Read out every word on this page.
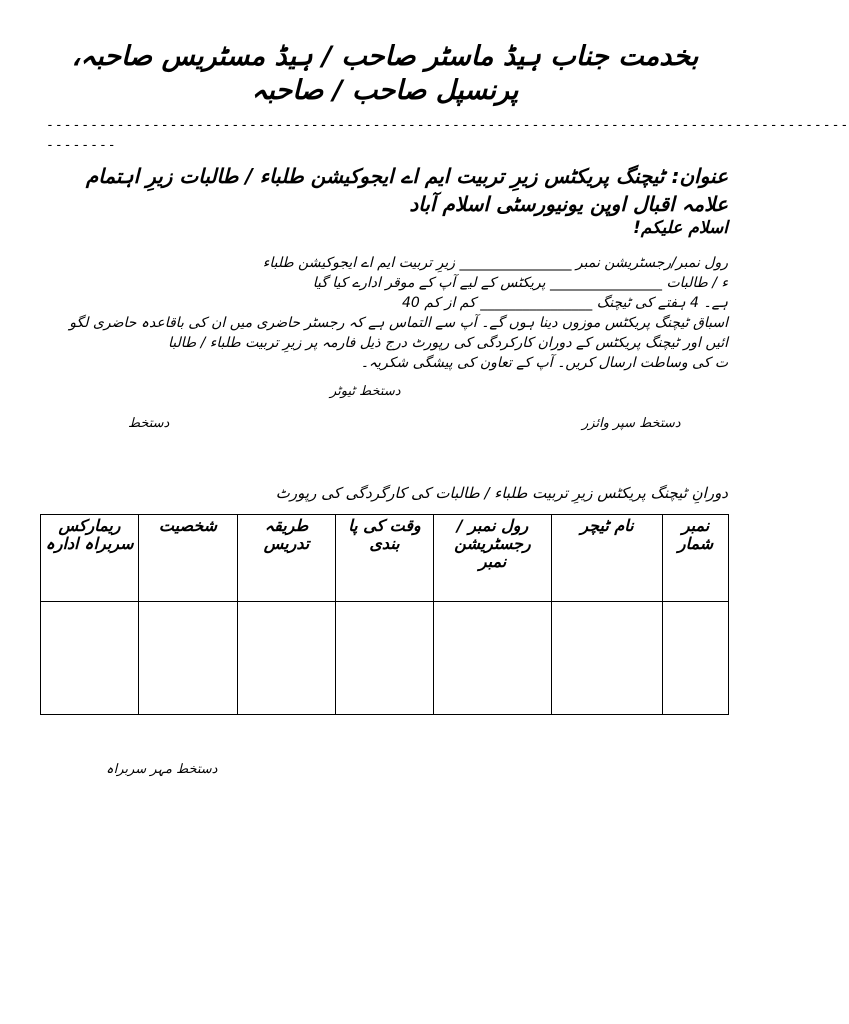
بخدمت جناب ہیڈ ماسٹر صاحب / ہیڈ مسٹریس صاحبہ، پرنسپل صاحب / صاحبہ
-------------------------------------------------------------------------------------------
--------
عنوان: ٹیچنگ پریکٹس زیرِ تربیت ایم اے ایجوکیشن طلباء / طالبات زیرِ اہتمام علامہ اقبال اوپن یونیورسٹی اسلام آباد
اسلام علیکم!
رول نمبر/رجسٹریشن نمبر ________________ زیرِ تربیت ایم اے ایجوکیشن طلباء
ء / طالبات ________________ پریکٹس کے لیے آپ کے موقر ادارے کیا گیا
ہے۔ 4 ہفتے کی ٹیچنگ ________________ کم از کم 40
اسباق ٹیچنگ پریکٹس موزوں دینا ہوں گے۔ آپ سے التماس ہے کہ رجسٹر حاضری میں ان کی باقاعدہ حاضری لگو
ائیں اور ٹیچنگ پریکٹس کے دوران کارکردگی کی رپورٹ درج ذیل فارمہ پر زیرِ تربیت طلباء / طالبا
ت کی وساطت ارسال کریں۔ آپ کے تعاون کی پیشگی شکریہ۔
دستخط ٹیوٹر
دستخط سپر وائزر
دستخط
دورانِ ٹیچنگ پریکٹس زیرِ تربیت طلباء / طالبات کی کارگردگی کی رپورٹ
نمبر شمار	نام ٹیچر	رول نمبر / رجسٹریشن نمبر	وقت کی پا بندی	طریقہ تدریس	شخصیت	ریمارکس سربراہ ادارہ

دستخط مہر سربراہ
